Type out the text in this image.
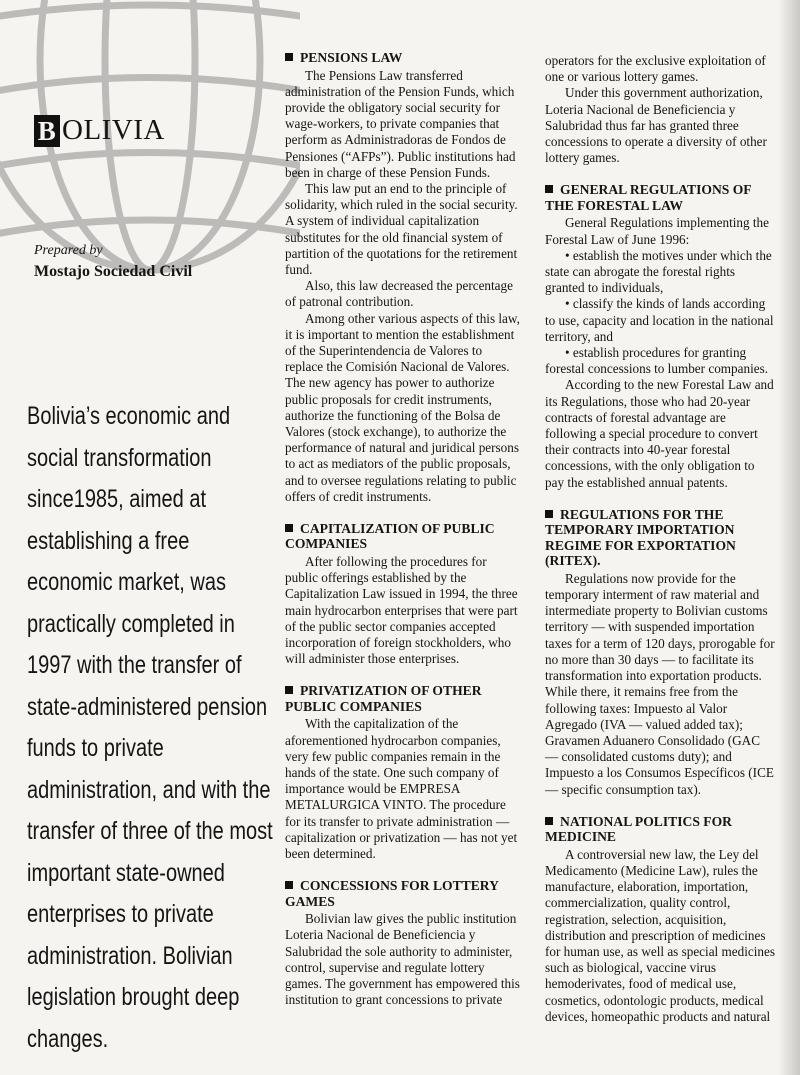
B OLIVIA
Prepared by
Mostajo Sociedad Civil

Bolivia’s economic and social transformation since1985, aimed at establishing a free economic market, was practically completed in 1997 with the transfer of state-administered pension funds to private administration, and with the transfer of three of the most important state-owned enterprises to private administration. Bolivian legislation brought deep changes.

PENSIONS LAW

The Pensions Law transferred administration of the Pension Funds, which provide the obligatory social security for wage-workers, to private companies that perform as Administradoras de Fondos de Pensiones (“AFPs”). Public institutions had been in charge of these Pension Funds.

This law put an end to the principle of solidarity, which ruled in the social security. A system of individual capitalization substitutes for the old financial system of partition of the quotations for the retirement fund.

Also, this law decreased the percentage of patronal contribution.

Among other various aspects of this law, it is important to mention the establishment of the Superintendencia de Valores to replace the Comisión Nacional de Valores. The new agency has power to authorize public proposals for credit instruments, authorize the functioning of the Bolsa de Valores (stock exchange), to authorize the performance of natural and juridical persons to act as mediators of the public proposals, and to oversee regulations relating to public offers of credit instruments.

CAPITALIZATION OF PUBLIC COMPANIES

After following the procedures for public offerings established by the Capitalization Law issued in 1994, the three main hydrocarbon enterprises that were part of the public sector companies accepted incorporation of foreign stockholders, who will administer those enterprises.

PRIVATIZATION OF OTHER PUBLIC COMPANIES

With the capitalization of the aforementioned hydrocarbon companies, very few public companies remain in the hands of the state. One such company of importance would be EMPRESA METALURGICA VINTO. The procedure for its transfer to private administration — capitalization or privatization — has not yet been determined.

CONCESSIONS FOR LOTTERY GAMES

Bolivian law gives the public institution Loteria Nacional de Beneficiencia y Salubridad the sole authority to administer, control, supervise and regulate lottery games. The government has empowered this institution to grant concessions to private

operators for the exclusive exploitation of one or various lottery games.

Under this government authorization, Loteria Nacional de Beneficiencia y Salubridad thus far has granted three concessions to operate a diversity of other lottery games.

GENERAL REGULATIONS OF THE FORESTAL LAW

General Regulations implementing the Forestal Law of June 1996:

• establish the motives under which the state can abrogate the forestal rights granted to individuals,

• classify the kinds of lands according to use, capacity and location in the national territory, and

• establish procedures for granting forestal concessions to lumber companies.

According to the new Forestal Law and its Regulations, those who had 20-year contracts of forestal advantage are following a special procedure to convert their contracts into 40-year forestal concessions, with the only obligation to pay the established annual patents.

REGULATIONS FOR THE TEMPORARY IMPORTATION REGIME FOR EXPORTATION (RITEX).

Regulations now provide for the temporary interment of raw material and intermediate property to Bolivian customs territory — with suspended importation taxes for a term of 120 days, prorogable for no more than 30 days — to facilitate its transformation into exportation products. While there, it remains free from the following taxes: Impuesto al Valor Agregado (IVA — valued added tax); Gravamen Aduanero Consolidado (GAC — consolidated customs duty); and Impuesto a los Consumos Específicos (ICE — specific consumption tax).

NATIONAL POLITICS FOR MEDICINE

A controversial new law, the Ley del Medicamento (Medicine Law), rules the manufacture, elaboration, importation, commercialization, quality control, registration, selection, acquisition, distribution and prescription of medicines for human use, as well as special medicines such as biological, vaccine virus hemoderivates, food of medical use, cosmetics, odontologic products, medical devices, homeopathic products and natural
